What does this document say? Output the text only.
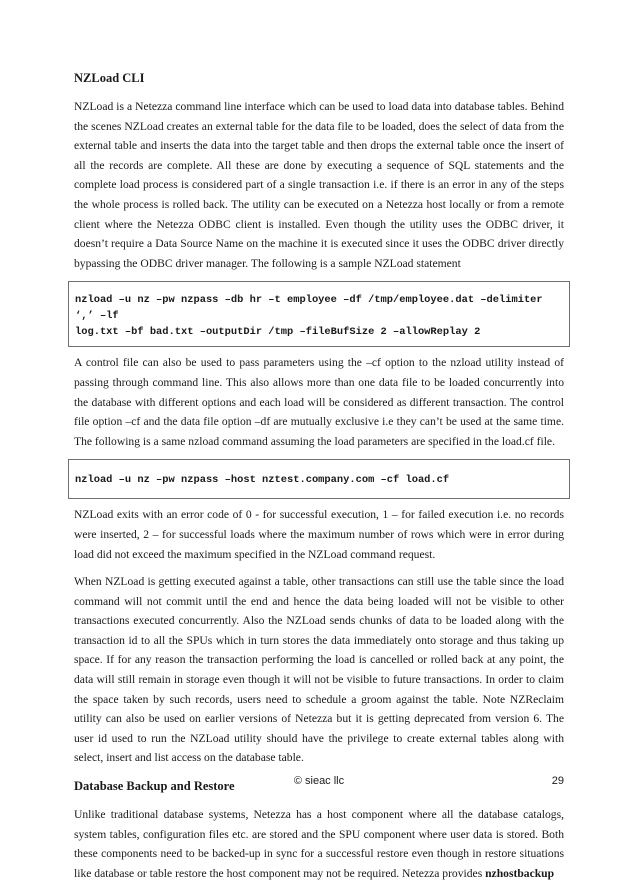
NZLoad CLI

NZLoad is a Netezza command line interface which can be used to load data into database tables. Behind the scenes NZLoad creates an external table for the data file to be loaded, does the select of data from the external table and inserts the data into the target table and then drops the external table once the insert of all the records are complete. All these are done by executing a sequence of SQL statements and the complete load process is considered part of a single transaction i.e. if there is an error in any of the steps the whole process is rolled back. The utility can be executed on a Netezza host locally or from a remote client where the Netezza ODBC client is installed. Even though the utility uses the ODBC driver, it doesn’t require a Data Source Name on the machine it is executed since it uses the ODBC driver directly bypassing the ODBC driver manager. The following is a sample NZLoad statement

nzload –u nz –pw nzpass –db hr –t employee –df /tmp/employee.dat –delimiter ‘,’ –lf
log.txt –bf bad.txt –outputDir /tmp –fileBufSize 2 –allowReplay 2

A control file can also be used to pass parameters using the –cf option to the nzload utility instead of passing through command line. This also allows more than one data file to be loaded concurrently into the database with different options and each load will be considered as different transaction. The control file option –cf and the data file option –df are mutually exclusive i.e they can’t be used at the same time. The following is a same nzload command assuming the load parameters are specified in the load.cf file.

nzload –u nz –pw nzpass –host nztest.company.com –cf load.cf

NZLoad exits with an error code of 0 - for successful execution, 1 – for failed execution i.e. no records were inserted, 2 – for successful loads where the maximum number of rows which were in error during load did not exceed the maximum specified in the NZLoad command request.

When NZLoad is getting executed against a table, other transactions can still use the table since the load command will not commit until the end and hence the data being loaded will not be visible to other transactions executed concurrently. Also the NZLoad sends chunks of data to be loaded along with the transaction id to all the SPUs which in turn stores the data immediately onto storage and thus taking up space. If for any reason the transaction performing the load is cancelled or rolled back at any point, the data will still remain in storage even though it will not be visible to future transactions. In order to claim the space taken by such records, users need to schedule a groom against the table. Note NZReclaim utility can also be used on earlier versions of Netezza but it is getting deprecated from version 6. The user id used to run the NZLoad utility should have the privilege to create external tables along with select, insert and list access on the database table.

Database Backup and Restore

Unlike traditional database systems, Netezza has a host component where all the database catalogs, system tables, configuration files etc. are stored and the SPU component where user data is stored. Both these components need to be backed-up in sync for a successful restore even though in restore situations like database or table restore the host component may not be required. Netezza provides nzhostbackup

© sieac llc	29
